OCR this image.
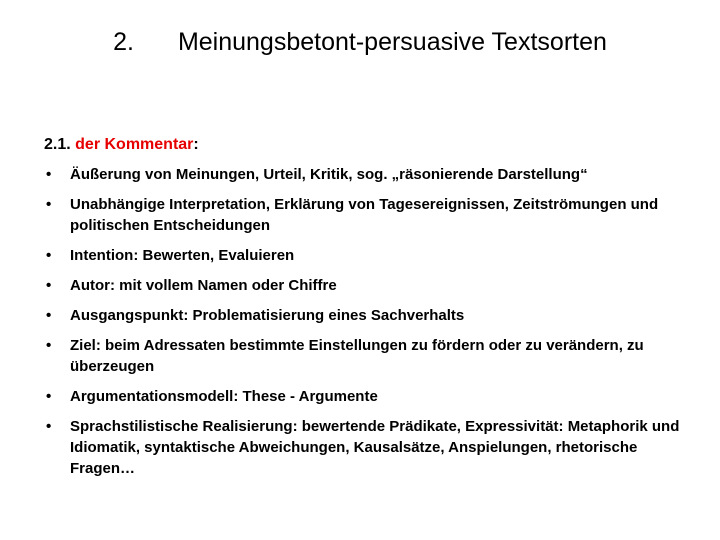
2. Meinungsbetont-persuasive Textsorten
2.1. der Kommentar:
• Äußerung von Meinungen, Urteil, Kritik, sog. „räsonierende Darstellung“
• Unabhängige Interpretation, Erklärung von Tagesereignissen, Zeitströmungen und politischen Entscheidungen
• Intention: Bewerten, Evaluieren
• Autor: mit vollem Namen oder Chiffre
• Ausgangspunkt: Problematisierung eines Sachverhalts
• Ziel: beim Adressaten bestimmte Einstellungen zu fördern oder zu verändern, zu überzeugen
• Argumentationsmodell: These - Argumente
• Sprachstilistische Realisierung: bewertende Prädikate, Expressivität: Metaphorik und Idiomatik, syntaktische Abweichungen, Kausalsätze, Anspielungen, rhetorische Fragen…
